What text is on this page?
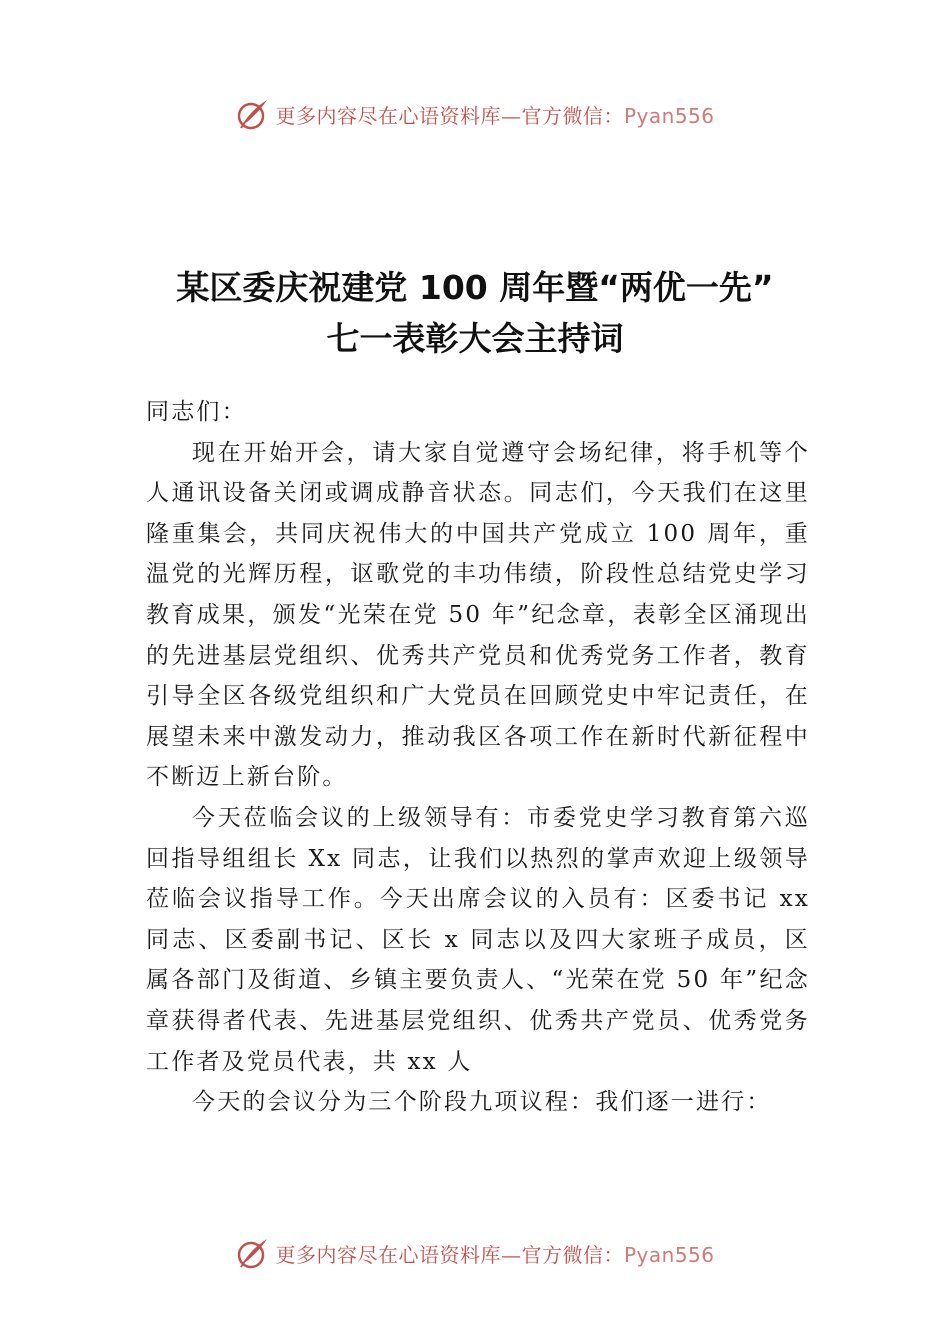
更多内容尽在心语资料库—官方微信：Pyan556
某区委庆祝建党 100 周年暨“两优一先”
七一表彰大会主持词

同志们：

现在开始开会，请大家自觉遵守会场纪律，将手机等个人通讯设备关闭或调成静音状态。同志们，今天我们在这里隆重集会，共同庆祝伟大的中国共产党成立 100 周年，重温党的光辉历程，讴歌党的丰功伟绩，阶段性总结党史学习教育成果，颁发“光荣在党 50 年”纪念章，表彰全区涌现出的先进基层党组织、优秀共产党员和优秀党务工作者，教育引导全区各级党组织和广大党员在回顾党史中牢记责任，在展望未来中激发动力，推动我区各项工作在新时代新征程中不断迈上新台阶。

今天莅临会议的上级领导有：市委党史学习教育第六巡回指导组组长 Xx 同志，让我们以热烈的掌声欢迎上级领导莅临会议指导工作。今天出席会议的入员有：区委书记 xx 同志、区委副书记、区长 x 同志以及四大家班子成员，区属各部门及街道、乡镇主要负责人、“光荣在党 50 年”纪念章获得者代表、先进基层党组织、优秀共产党员、优秀党务工作者及党员代表，共 xx 人

今天的会议分为三个阶段九项议程：我们逐一进行：

更多内容尽在心语资料库—官方微信：Pyan556
